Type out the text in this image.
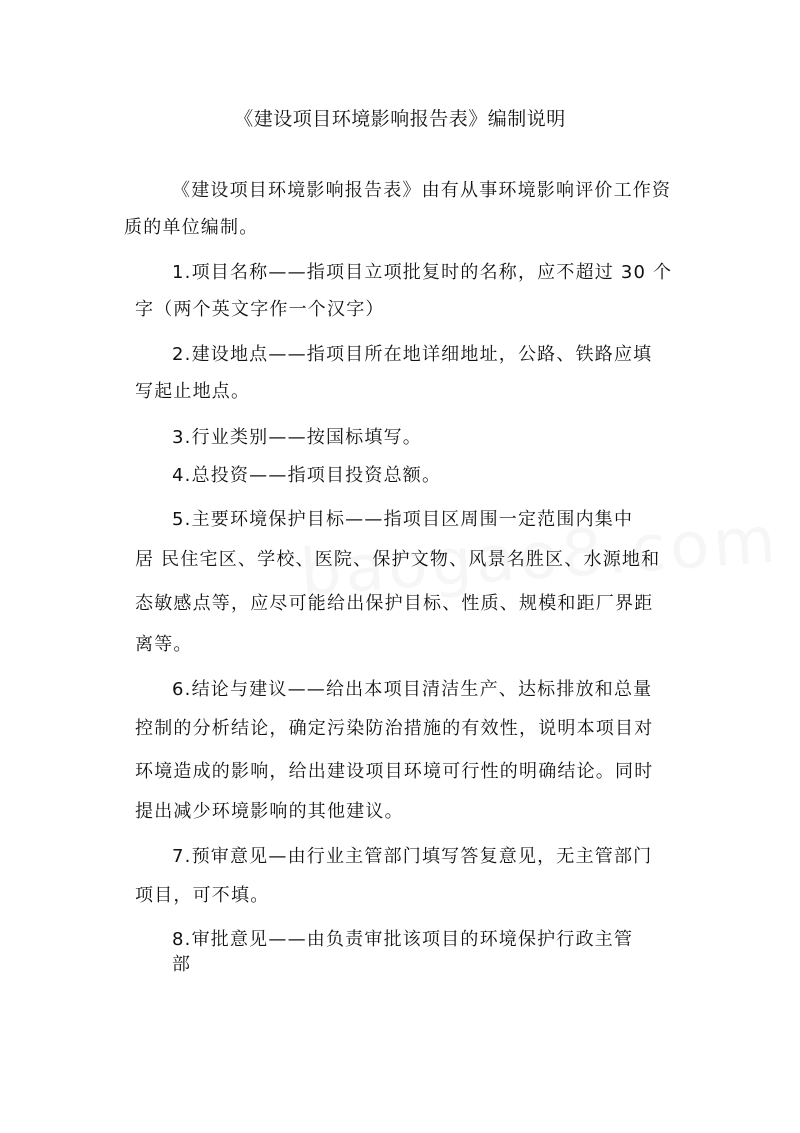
《建设项目环境影响报告表》编制说明
《建设项目环境影响报告表》由有从事环境影响评价工作资
质的单位编制。
1.项目名称——指项目立项批复时的名称，应不超过 30 个
字（两个英文字作一个汉字）
2.建设地点——指项目所在地详细地址，公路、铁路应填
写起止地点。
3.行业类别——按国标填写。
4.总投资——指项目投资总额。
5.主要环境保护目标——指项目区周围一定范围内集中
居 民住宅区、学校、医院、保护文物、风景名胜区、水源地和
态敏感点等，应尽可能给出保护目标、性质、规模和距厂界距
离等。
6.结论与建议——给出本项目清洁生产、达标排放和总量
控制的分析结论，确定污染防治措施的有效性，说明本项目对
环境造成的影响，给出建设项目环境可行性的明确结论。同时
提出减少环境影响的其他建议。
7.预审意见—由行业主管部门填写答复意见，无主管部门
项目，可不填。
8.审批意见——由负责审批该项目的环境保护行政主管
部
